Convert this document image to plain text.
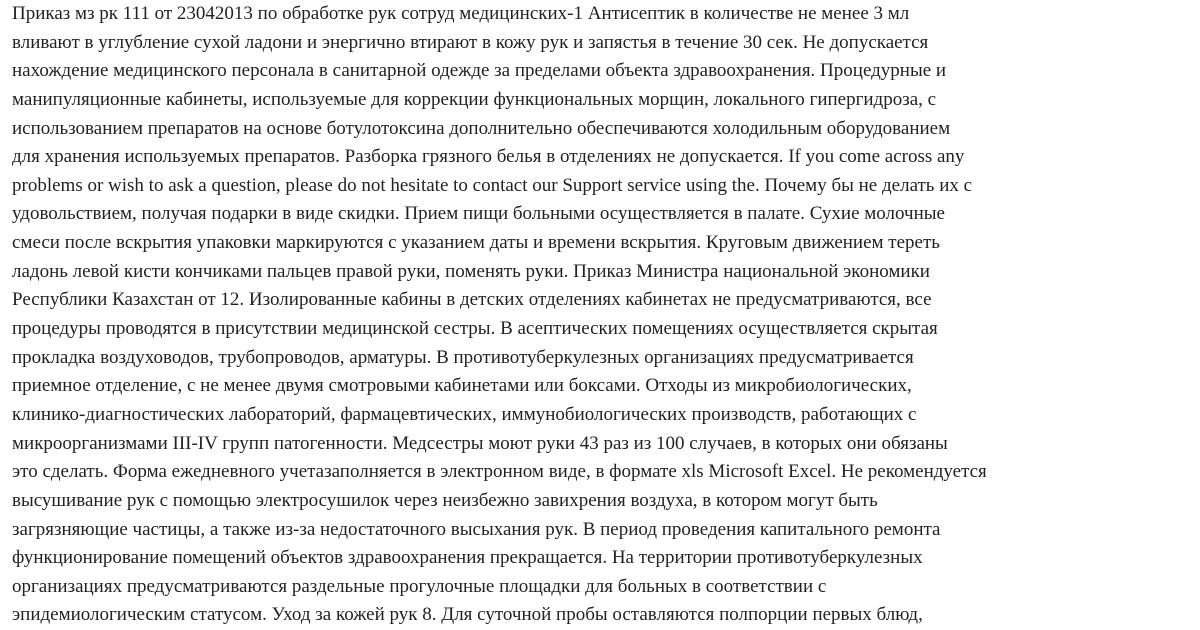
Приказ мз рк 111 от 23042013 по обработке рук сотруд медицинских-1 Антисептик в количестве не менее 3 мл
вливают в углубление сухой ладони и энергично втирают в кожу рук и запястья в течение 30 сек. Не допускается
нахождение медицинского персонала в санитарной одежде за пределами объекта здравоохранения. Процедурные и
манипуляционные кабинеты, используемые для коррекции функциональных морщин, локального гипергидроза, с
использованием препаратов на основе ботулотоксина дополнительно обеспечиваются холодильным оборудованием
для хранения используемых препаратов. Разборка грязного белья в отделениях не допускается. If you come across any
problems or wish to ask a question, please do not hesitate to contact our Support service using the. Почему бы не делать их с
удовольствием, получая подарки в виде скидки. Прием пищи больными осуществляется в палате. Сухие молочные
смеси после вскрытия упаковки маркируются с указанием даты и времени вскрытия. Круговым движением тереть
ладонь левой кисти кончиками пальцев правой руки, поменять руки. Приказ Министра национальной экономики
Республики Казахстан от 12. Изолированные кабины в детских отделениях кабинетах не предусматриваются, все
процедуры проводятся в присутствии медицинской сестры. В асептических помещениях осуществляется скрытая
прокладка воздуховодов, трубопроводов, арматуры. В противотуберкулезных организациях предусматривается
приемное отделение, с не менее двумя смотровыми кабинетами или боксами. Отходы из микробиологических,
клинико-диагностических лабораторий, фармацевтических, иммунобиологических производств, работающих с
микроорганизмами III-IV групп патогенности. Медсестры моют руки 43 раз из 100 случаев, в которых они обязаны
это сделать. Форма ежедневного учетазаполняется в электронном виде, в формате xls Microsoft Excel. Не рекомендуется
высушивание рук с помощью электросушилок через неизбежно завихрения воздуха, в котором могут быть
загрязняющие частицы, а также из-за недостаточного высыхания рук. В период проведения капитального ремонта
функционирование помещений объектов здравоохранения прекращается. На территории противотуберкулезных
организациях предусматриваются раздельные прогулочные площадки для больных в соответствии с
эпидемиологическим статусом. Уход за кожей рук 8. Для суточной пробы оставляются полпорции первых блюд,
